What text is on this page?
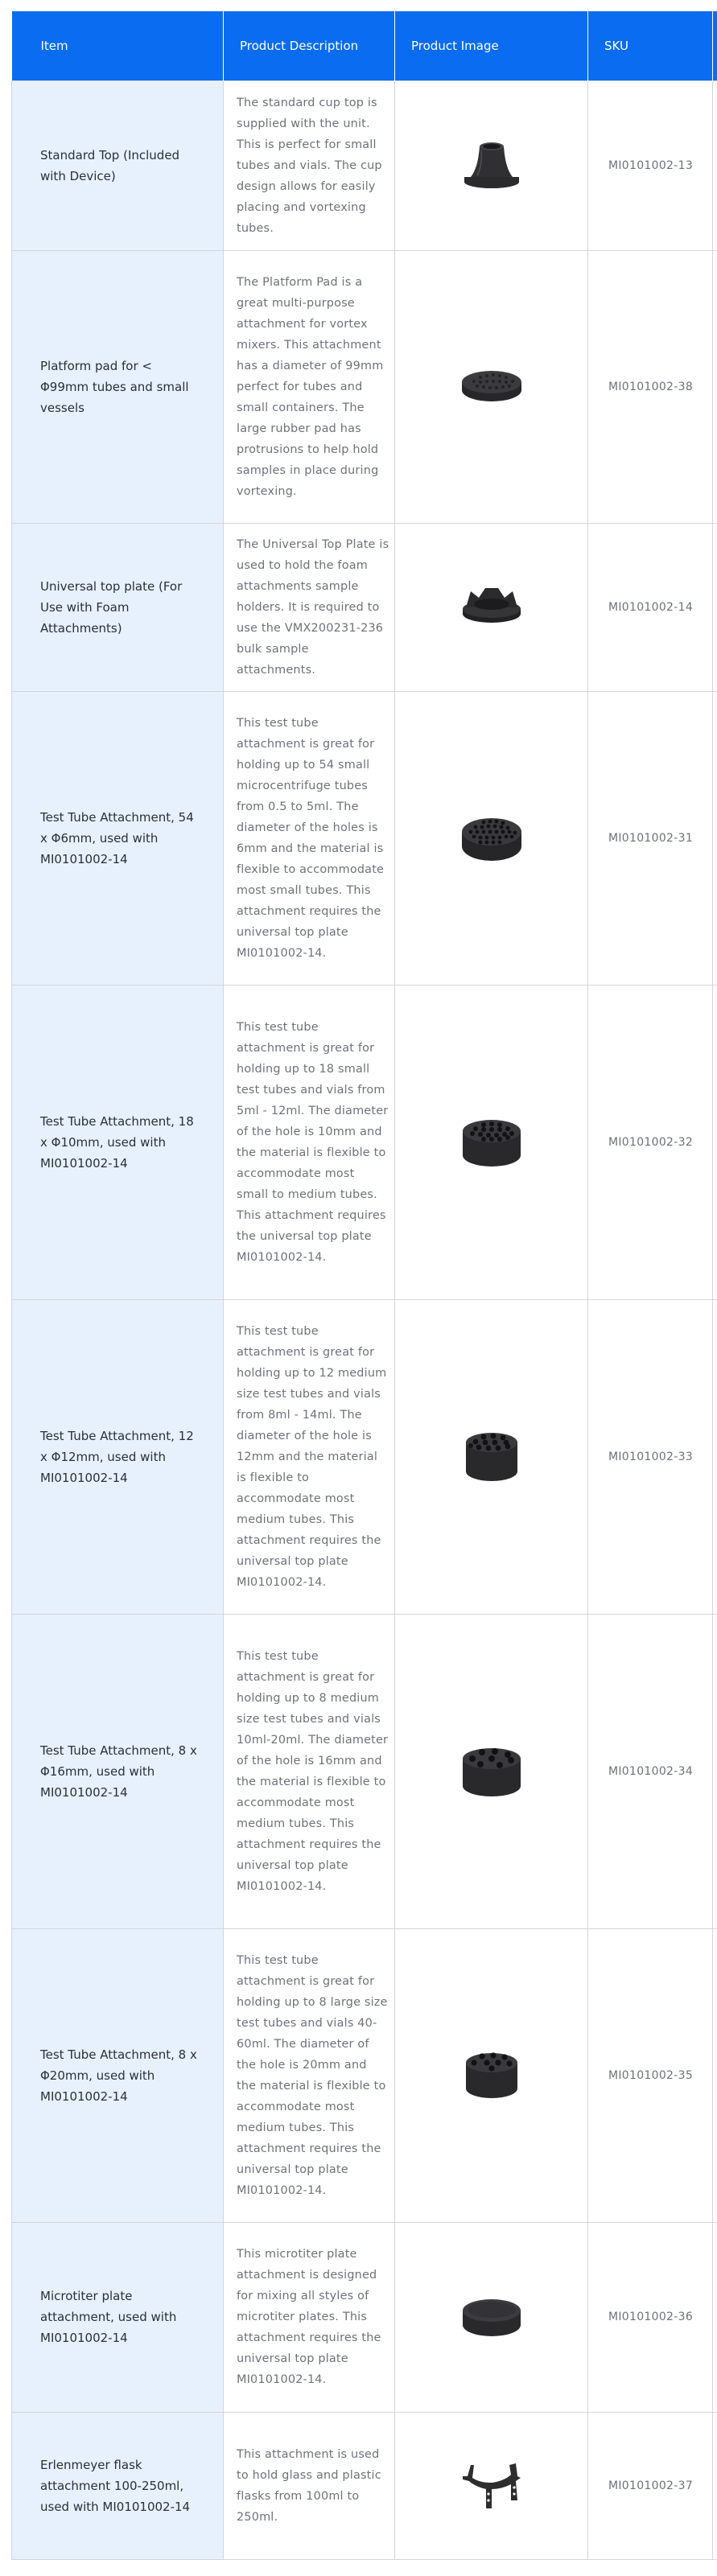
Item	Product Description	Product Image	SKU	
Standard Top (Included with Device)	The standard cup top is supplied with the unit. This is perfect for small tubes and vials. The cup design allows for easily placing and vortexing tubes.		MI0101002-13	
Platform pad for < Φ99mm tubes and small vessels	The Platform Pad is a great multi-purpose attachment for vortex mixers. This attachment has a diameter of 99mm perfect for tubes and small containers. The large rubber pad has protrusions to help hold samples in place during vortexing.		MI0101002-38	
Universal top plate (For Use with Foam Attachments)	The Universal Top Plate is used to hold the foam attachments sample holders. It is required to use the VMX200231-236 bulk sample attachments.		MI0101002-14	
Test Tube Attachment, 54 x Φ6mm, used with MI0101002-14	This test tube attachment is great for holding up to 54 small microcentrifuge tubes from 0.5 to 5ml. The diameter of the holes is 6mm and the material is flexible to accommodate most small tubes. This attachment requires the universal top plate MI0101002-14.		MI0101002-31	
Test Tube Attachment, 18 x Φ10mm, used with MI0101002-14	This test tube attachment is great for holding up to 18 small test tubes and vials from 5ml - 12ml. The diameter of the hole is 10mm and the material is flexible to accommodate most small to medium tubes. This attachment requires the universal top plate MI0101002-14.		MI0101002-32	
Test Tube Attachment, 12 x Φ12mm, used with MI0101002-14	This test tube attachment is great for holding up to 12 medium size test tubes and vials from 8ml - 14ml. The diameter of the hole is 12mm and the material is flexible to accommodate most medium tubes. This attachment requires the universal top plate MI0101002-14.		MI0101002-33	
Test Tube Attachment, 8 x Φ16mm, used with MI0101002-14	This test tube attachment is great for holding up to 8 medium size test tubes and vials 10ml-20ml. The diameter of the hole is 16mm and the material is flexible to accommodate most medium tubes. This attachment requires the universal top plate MI0101002-14.		MI0101002-34	
Test Tube Attachment, 8 x Φ20mm, used with MI0101002-14	This test tube attachment is great for holding up to 8 large size test tubes and vials 40-60ml. The diameter of the hole is 20mm and the material is flexible to accommodate most medium tubes. This attachment requires the universal top plate MI0101002-14.		MI0101002-35	
Microtiter plate attachment, used with MI0101002-14	This microtiter plate attachment is designed for mixing all styles of microtiter plates. This attachment requires the universal top plate MI0101002-14.		MI0101002-36	
Erlenmeyer flask attachment 100-250ml, used with MI0101002-14	This attachment is used to hold glass and plastic flasks from 100ml to 250ml.		MI0101002-37	
